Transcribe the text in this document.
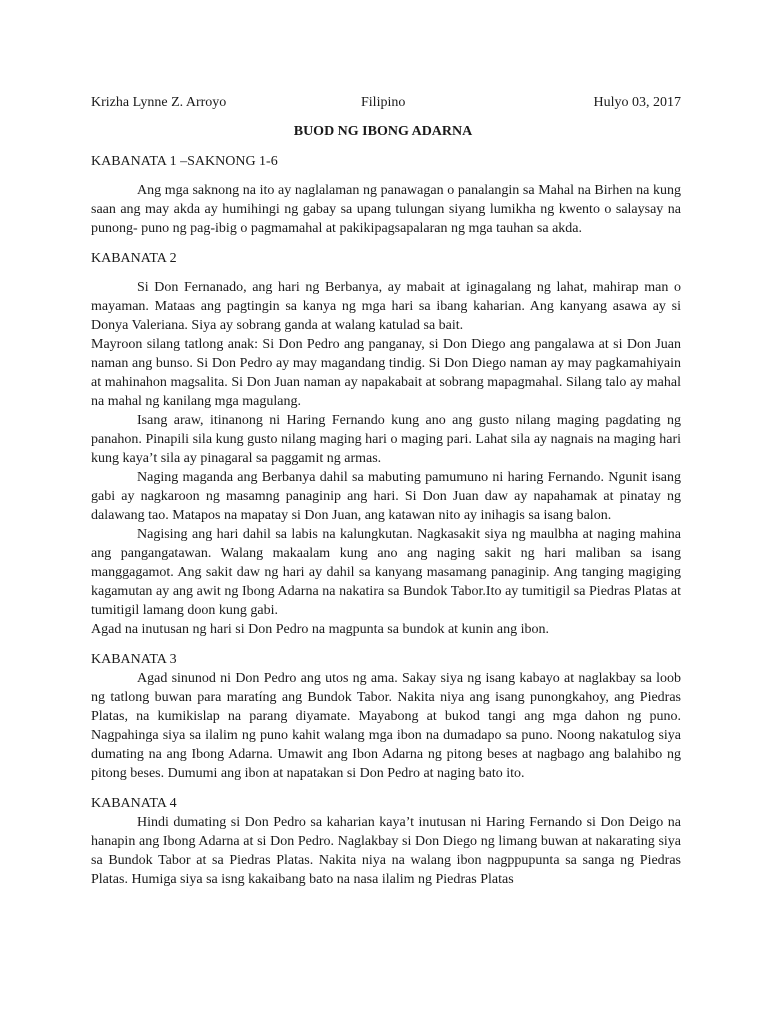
Krizha Lynne Z. Arroyo	Filipino	Hulyo 03, 2017
BUOD NG IBONG ADARNA
KABANATA 1 –SAKNONG 1-6

Ang mga saknong na ito ay naglalaman ng panawagan o panalangin sa Mahal na Birhen na kung saan ang may akda ay humihingi ng gabay sa upang tulungan siyang lumikha ng kwento o salaysay na punong- puno ng pag-ibig o pagmamahal at pakikipagsapalaran ng mga tauhan sa akda.

KABANATA 2

Si Don Fernanado, ang hari ng Berbanya, ay mabait at iginagalang ng lahat, mahirap man o mayaman. Mataas ang pagtingin sa kanya ng mga hari sa ibang kaharian. Ang kanyang asawa ay si Donya Valeriana. Siya ay sobrang ganda at walang katulad sa bait.

Mayroon silang tatlong anak: Si Don Pedro ang panganay, si Don Diego ang pangalawa at si Don Juan naman ang bunso. Si Don Pedro ay may magandang tindig. Si Don Diego naman ay may pagkamahiyain at mahinahon magsalita. Si Don Juan naman ay napakabait at sobrang mapagmahal. Silang talo ay mahal na mahal ng kanilang mga magulang.

Isang araw, itinanong ni Haring Fernando kung ano ang gusto nilang maging pagdating ng panahon. Pinapili sila kung gusto nilang maging hari o maging pari. Lahat sila ay nagnais na maging hari kung kaya’t sila ay pinagaral sa paggamit ng armas.

Naging maganda ang Berbanya dahil sa mabuting pamumuno ni haring Fernando. Ngunit isang gabi ay nagkaroon ng masamng panaginip ang hari. Si Don Juan daw ay napahamak at pinatay ng dalawang tao. Matapos na mapatay si Don Juan, ang katawan nito ay inihagis sa isang balon.

Nagising ang hari dahil sa labis na kalungkutan. Nagkasakit siya ng maulbha at naging mahina ang pangangatawan. Walang makaalam kung ano ang naging sakit ng hari maliban sa isang manggagamot. Ang sakit daw ng hari ay dahil sa kanyang masamang panaginip. Ang tanging magiging kagamutan ay ang awit ng Ibong Adarna na nakatira sa Bundok Tabor.Ito ay tumitigil sa Piedras Platas at tumitigil lamang doon kung gabi.

Agad na inutusan ng hari si Don Pedro na magpunta sa bundok at kunin ang ibon.

KABANATA 3

Agad sinunod ni Don Pedro ang utos ng ama. Sakay siya ng isang kabayo at naglakbay sa loob ng tatlong buwan para maratíng ang Bundok Tabor. Nakita niya ang isang punongkahoy, ang Piedras Platas, na kumikislap na parang diyamate. Mayabong at bukod tangi ang mga dahon ng puno. Nagpahinga siya sa ilalim ng puno kahit walang mga ibon na dumadapo sa puno. Noong nakatulog siya dumating na ang Ibong Adarna. Umawit ang Ibon Adarna ng pitong beses at nagbago ang balahibo ng pitong beses. Dumumi ang ibon at napatakan si Don Pedro at naging bato ito.

KABANATA 4

Hindi dumating si Don Pedro sa kaharian kaya’t inutusan ni Haring Fernando si Don Deigo na hanapin ang Ibong Adarna at si Don Pedro. Naglakbay si Don Diego ng limang buwan at nakarating siya sa Bundok Tabor at sa Piedras Platas. Nakita niya na walang ibon nagppupunta sa sanga ng Piedras Platas. Humiga siya sa isng kakaibang bato na nasa ilalim ng Piedras Platas
